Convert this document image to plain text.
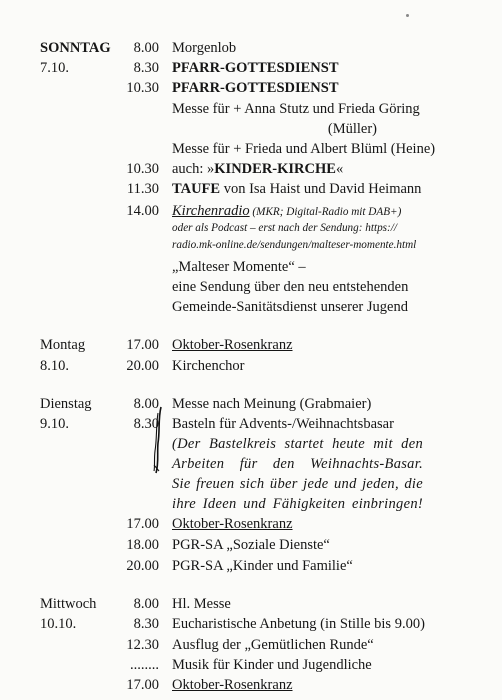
SONNTAG 8.00 Morgenlob
7.10.	8.30 PFARR-GOTTESDIENST
10.30 PFARR-GOTTESDIENST
Messe für + Anna Stutz und Frieda Göring
(Müller)
Messe für + Frieda und Albert Blüml (Heine)
10.30 auch: »KINDER-KIRCHE«
11.30 TAUFE von Isa Haist und David Heimann
14.00 Kirchenradio (MKR; Digital-Radio mit DAB+)
oder als Podcast – erst nach der Sendung: https://
radio.mk-online.de/sendungen/malteser-momente.html
„Malteser Momente“ –
eine Sendung über den neu entstehenden
Gemeinde-Sanitätsdienst unserer Jugend
Montag	17.00 Oktober-Rosenkranz
8.10.	20.00 Kirchenchor
Dienstag	8.00 Messe nach Meinung (Grabmaier)
9.10.	8.30 Basteln für Advents-/Weihnachtsbasar
(Der Bastelkreis startet heute mit den
Arbeiten für den Weihnachts-Basar.
Sie freuen sich über jede und jeden, die
ihre Ideen und Fähigkeiten einbringen!
17.00 Oktober-Rosenkranz
18.00 PGR-SA „Soziale Dienste“
20.00 PGR-SA „Kinder und Familie“
Mittwoch	8.00 Hl. Messe
10.10.	8.30 Eucharistische Anbetung (in Stille bis 9.00)
12.30 Ausflug der „Gemütlichen Runde“
........ Musik für Kinder und Jugendliche
17.00 Oktober-Rosenkranz
